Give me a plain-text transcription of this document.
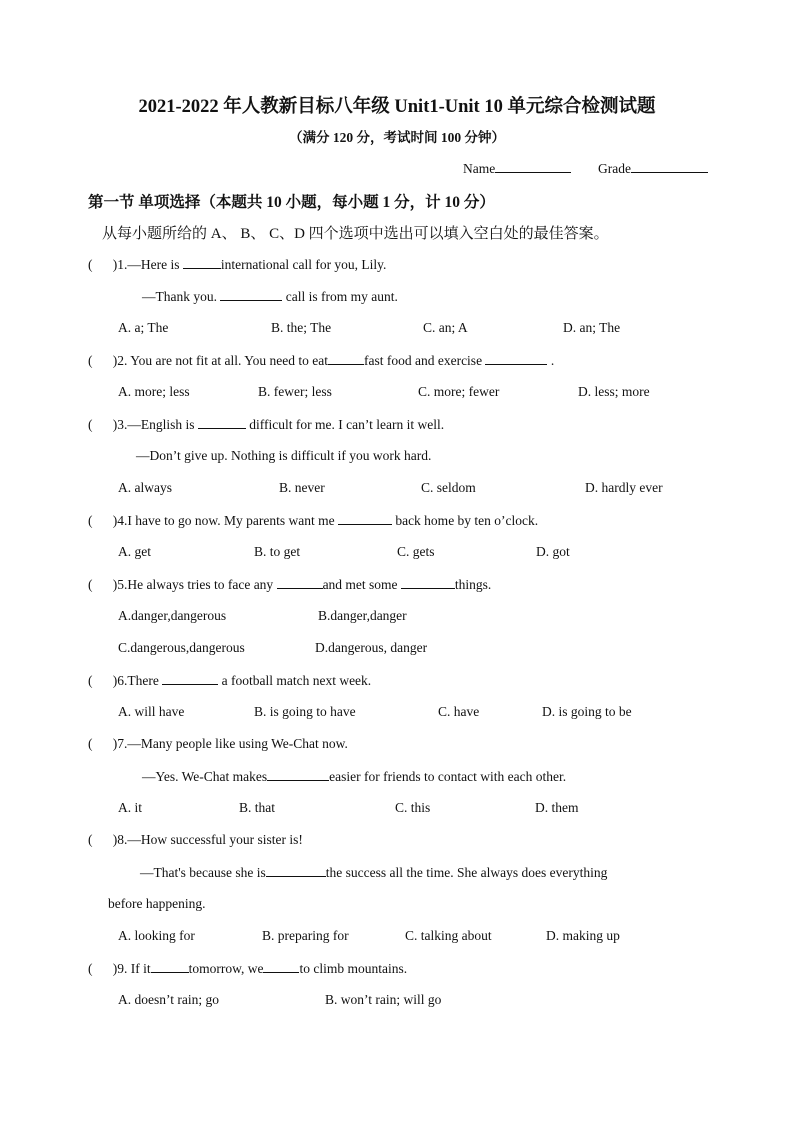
2021-2022 年人教新目标八年级 Unit1-Unit 10 单元综合检测试题
（满分 120 分，考试时间 100 分钟）
Name	Grade
第一节 单项选择（本题共 10 小题，每小题 1 分，计 10 分）
从每小题所给的 A、 B、 C、D 四个选项中选出可以填入空白处的最佳答案。
(      )1.—Here is	international call for you, Lily.
—Thank you.	call is from my aunt.
A. a; The	B. the; The	C. an; A	D. an; The
(      )2. You are not fit at all. You need to eat	fast food and exercise	.
A. more; less	B. fewer; less	C. more; fewer	D. less; more
(      )3.—English is	difficult for me. I can’t learn it well.
—Don’t give up. Nothing is difficult if you work hard.
A. always	B. never	C. seldom	D. hardly ever
(      )4.I have to go now. My parents want me	back home by ten o’clock.
A. get	B. to get	C. gets	D. got
(      )5.He always tries to face any	and met some	things.
A.danger,dangerous	B.danger,danger
C.dangerous,dangerous	D.dangerous, danger
(      )6.There	a football match next week.
A. will have	B. is going to have	C. have	D. is going to be
(      )7.—Many people like using We-Chat now.
—Yes. We-Chat makes	easier for friends to contact with each other.
A. it	B. that	C. this	D. them
(      )8.—How successful your sister is!
—That's because she is	the success all the time. She always does everything
before happening.
A. looking for	B. preparing for	C. talking about	D. making up
(      )9. If it	tomorrow, we	to climb mountains.
A. doesn’t rain; go	B. won’t rain; will go
